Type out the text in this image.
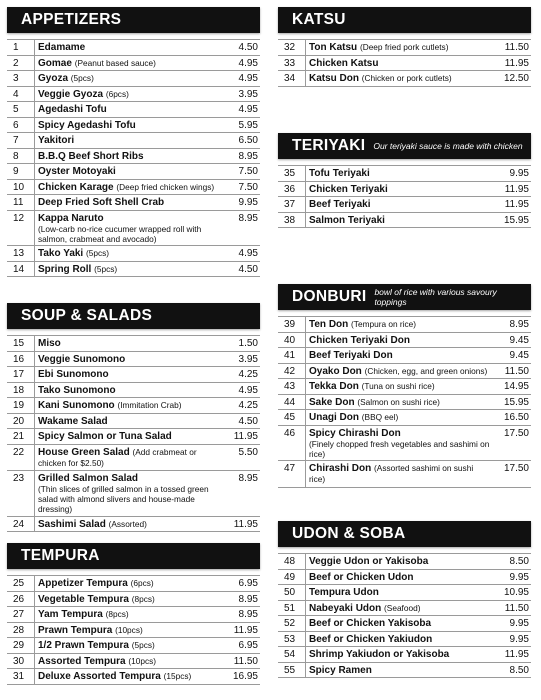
APPETIZERS
1	Edamame	4.50
2	Gomae (Peanut based sauce)	4.95
3	Gyoza (5pcs)	4.95
4	Veggie Gyoza (6pcs)	3.95
5	Agedashi Tofu	4.95
6	Spicy Agedashi Tofu	5.95
7	Yakitori	6.50
8	B.B.Q Beef Short Ribs	8.95
9	Oyster Motoyaki	7.50
10	Chicken Karage (Deep fried chicken wings)	7.50
11	Deep Fried Soft Shell Crab	9.95
12	Kappa Naruto
(Low-carb no-rice cucumer wrapped roll with salmon, crabmeat and avocado)	8.95
13	Tako Yaki (5pcs)	4.95
14	Spring Roll (5pcs)	4.50
SOUP & SALADS
15	Miso	1.50
16	Veggie Sunomono	3.95
17	Ebi Sunomono	4.25
18	Tako Sunomono	4.95
19	Kani Sunomono (Immitation Crab)	4.25
20	Wakame Salad	4.50
21	Spicy Salmon or Tuna Salad	11.95
22	House Green Salad (Add crabmeat or chicken for $2.50)	5.50
23	Grilled Salmon Salad
(Thin slices of grilled salmon in a tossed green salad with almond slivers and house-made dressing)	8.95
24	Sashimi Salad (Assorted)	11.95
TEMPURA
25	Appetizer Tempura (6pcs)	6.95
26	Vegetable Tempura (8pcs)	8.95
27	Yam Tempura (8pcs)	8.95
28	Prawn Tempura (10pcs)	11.95
29	1/2 Prawn Tempura (5pcs)	6.95
30	Assorted Tempura (10pcs)	11.50
31	Deluxe Assorted Tempura (15pcs)	16.95
KATSU
32	Ton Katsu (Deep fried pork cutlets)	11.50
33	Chicken Katsu	11.95
34	Katsu Don (Chicken or pork cutlets)	12.50
TERIYAKI Our teriyaki sauce is made with chicken
35	Tofu Teriyaki	9.95
36	Chicken Teriyaki	11.95
37	Beef Teriyaki	11.95
38	Salmon Teriyaki	15.95
DONBURI bowl of rice with various savoury toppings
39	Ten Don (Tempura on rice)	8.95
40	Chicken Teriyaki Don	9.45
41	Beef Teriyaki Don	9.45
42	Oyako Don (Chicken, egg, and green onions)	11.50
43	Tekka Don (Tuna on sushi rice)	14.95
44	Sake Don (Salmon on sushi rice)	15.95
45	Unagi Don (BBQ eel)	16.50
46	Spicy Chirashi Don
(Finely chopped fresh vegetables and sashimi on rice)	17.50
47	Chirashi Don (Assorted sashimi on sushi rice)	17.50
UDON & SOBA
48	Veggie Udon or Yakisoba	8.50
49	Beef or Chicken Udon	9.95
50	Tempura Udon	10.95
51	Nabeyaki Udon (Seafood)	11.50
52	Beef or Chicken Yakisoba	9.95
53	Beef or Chicken Yakiudon	9.95
54	Shrimp Yakiudon or Yakisoba	11.95
55	Spicy Ramen	8.50
